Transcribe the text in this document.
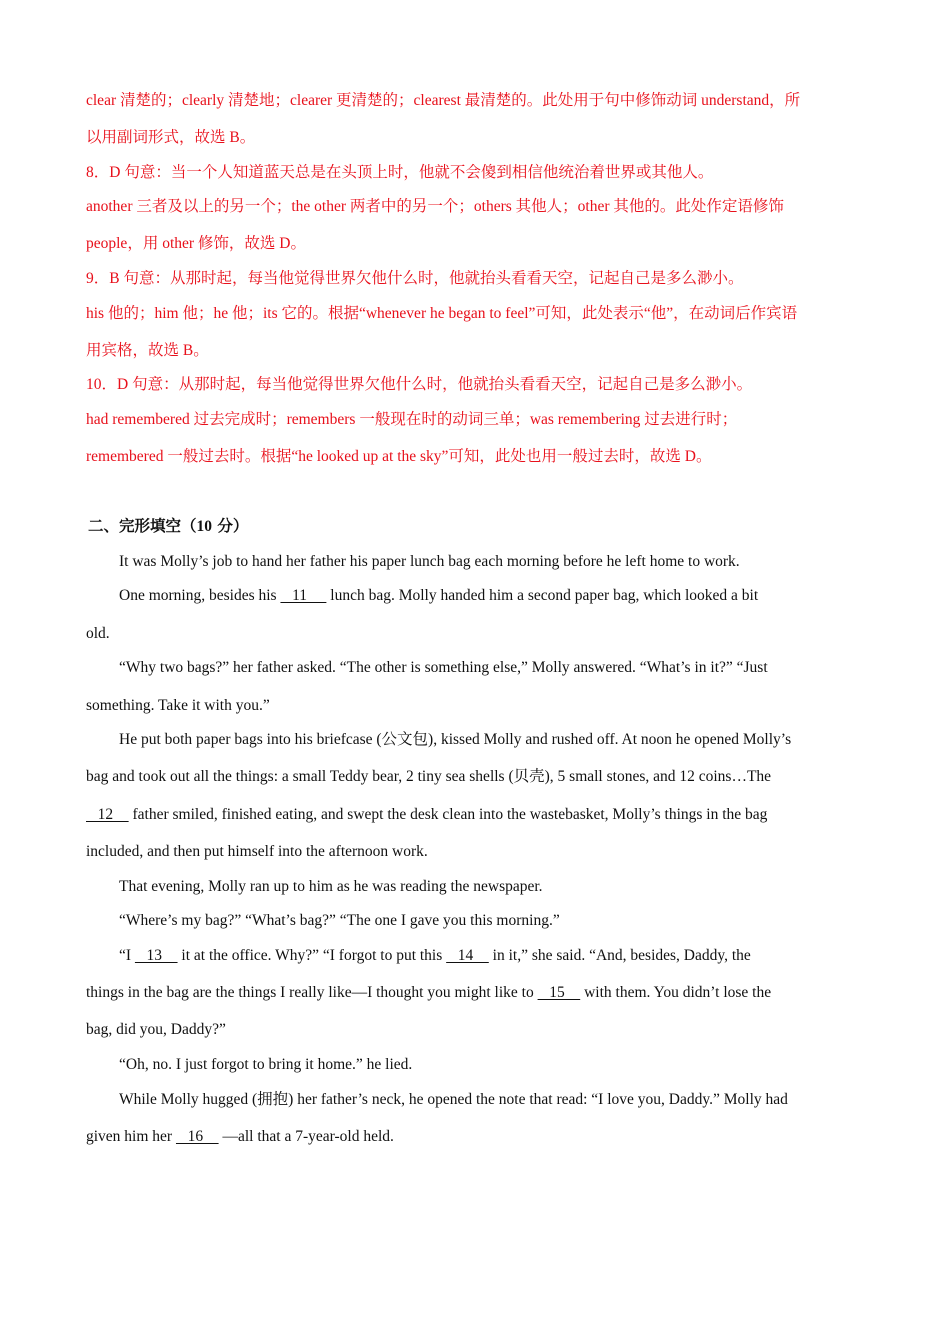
clear 清楚的；clearly 清楚地；clearer 更清楚的；clearest 最清楚的。此处用于句中修饰动词 understand，所
以用副词形式，故选 B。
8．D 句意：当一个人知道蓝天总是在头顶上时，他就不会傻到相信他统治着世界或其他人。
another 三者及以上的另一个；the other 两者中的另一个；others 其他人；other 其他的。此处作定语修饰
people，用 other 修饰，故选 D。
9．B 句意：从那时起，每当他觉得世界欠他什么时，他就抬头看看天空，记起自己是多么渺小。
his 他的；him 他；he 他；its 它的。根据“whenever he began to feel”可知，此处表示“他”，在动词后作宾语
用宾格，故选 B。
10．D 句意：从那时起，每当他觉得世界欠他什么时，他就抬头看看天空，记起自己是多么渺小。
had remembered 过去完成时；remembers 一般现在时的动词三单；was remembering 过去进行时；
remembered 一般过去时。根据“he looked up at the sky”可知，此处也用一般过去时，故选 D。
二、完形填空（10 分）
It was Molly’s job to hand her father his paper lunch bag each morning before he left home to work.
One morning, besides his    11      lunch bag. Molly handed him a second paper bag, which looked a bit
old.
“Why two bags?” her father asked. “The other is something else,” Molly answered. “What’s in it?” “Just
something. Take it with you.”
He put both paper bags into his briefcase (公文包), kissed Molly and rushed off. At noon he opened Molly’s
bag and took out all the things: a small Teddy bear, 2 tiny sea shells (贝壳), 5 small stones, and 12 coins…The
12     father smiled, finished eating, and swept the desk clean into the wastebasket, Molly’s things in the bag
included, and then put himself into the afternoon work.
That evening, Molly ran up to him as he was reading the newspaper.
“Where’s my bag?” “What’s bag?” “The one I gave you this morning.”
“I    13     it at the office. Why?” “I forgot to put this    14     in it,” she said. “And, besides, Daddy, the
things in the bag are the things I really like—I thought you might like to    15     with them. You didn’t lose the
bag, did you, Daddy?”
“Oh, no. I just forgot to bring it home.” he lied.
While Molly hugged (拥抱) her father’s neck, he opened the note that read: “I love you, Daddy.” Molly had
given him her    16     —all that a 7-year-old held.
